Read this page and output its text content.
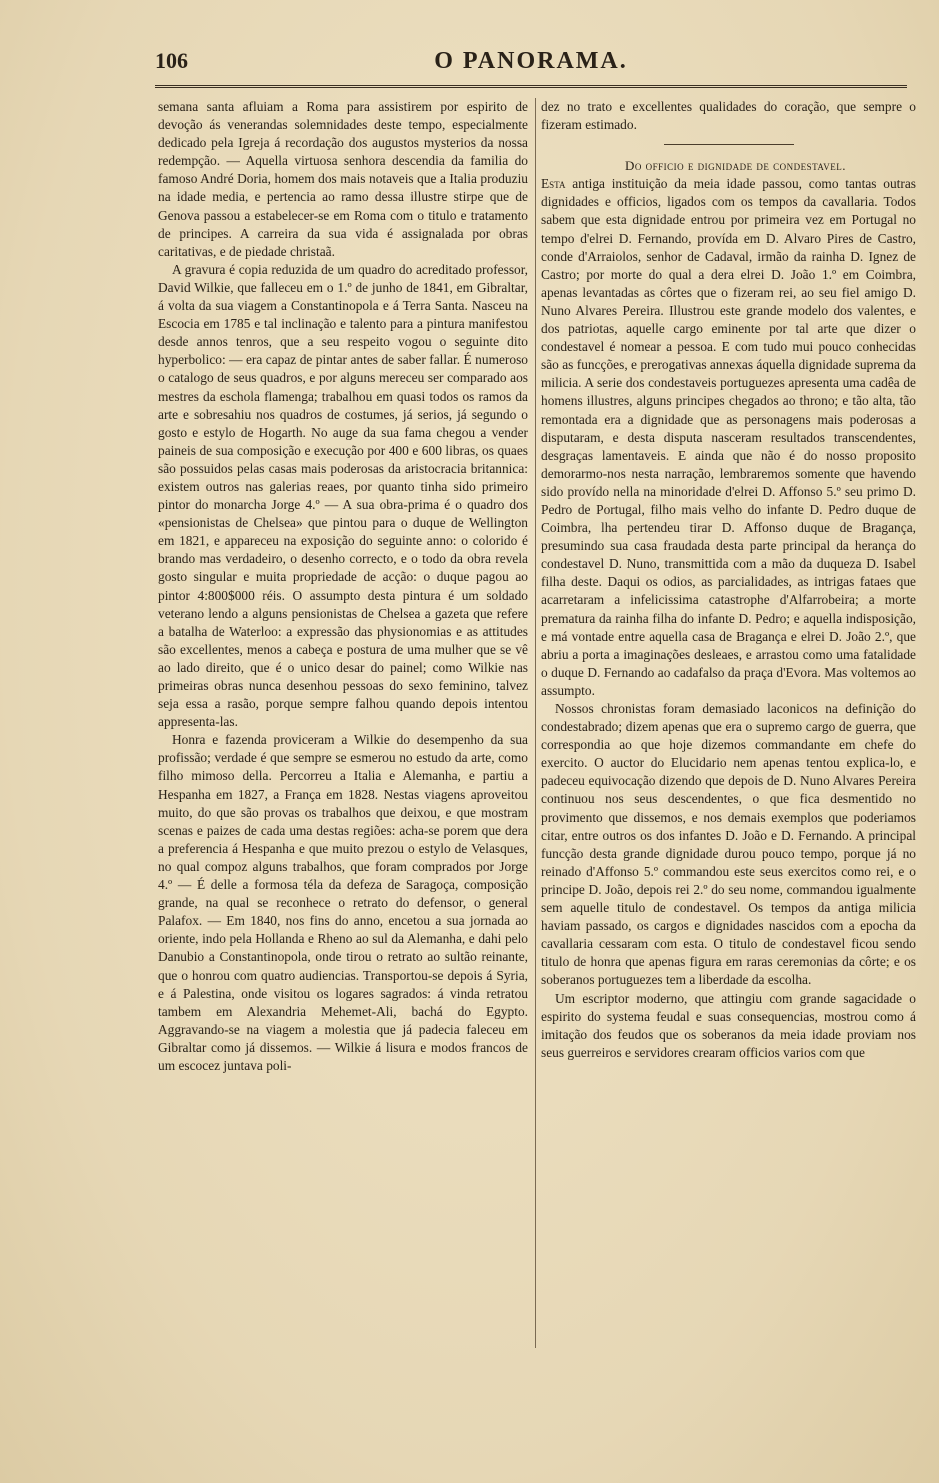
106	O PANORAMA.

semana santa afluiam a Roma para assistirem por espirito de devoção ás venerandas solemnidades deste tempo, especialmente dedicado pela Igreja á recordação dos augustos mysterios da nossa redempção. — Aquella virtuosa senhora descendia da familia do famoso André Doria, homem dos mais notaveis que a Italia produziu na idade media, e pertencia ao ramo dessa illustre stirpe que de Genova passou a estabelecer-se em Roma com o titulo e tratamento de principes. A carreira da sua vida é assignalada por obras caritativas, e de piedade christaã.

A gravura é copia reduzida de um quadro do acreditado professor, David Wilkie, que falleceu em o 1.º de junho de 1841, em Gibraltar, á volta da sua viagem a Constantinopola e á Terra Santa. Nasceu na Escocia em 1785 e tal inclinação e talento para a pintura manifestou desde annos tenros, que a seu respeito vogou o seguinte dito hyperbolico: — era capaz de pintar antes de saber fallar. É numeroso o catalogo de seus quadros, e por alguns mereceu ser comparado aos mestres da eschola flamenga; trabalhou em quasi todos os ramos da arte e sobresahiu nos quadros de costumes, já serios, já segundo o gosto e estylo de Hogarth. No auge da sua fama chegou a vender paineis de sua composição e execução por 400 e 600 libras, os quaes são possuidos pelas casas mais poderosas da aristocracia britannica: existem outros nas galerias reaes, por quanto tinha sido primeiro pintor do monarcha Jorge 4.º — A sua obra-prima é o quadro dos «pensionistas de Chelsea» que pintou para o duque de Wellington em 1821, e appareceu na exposição do seguinte anno: o colorido é brando mas verdadeiro, o desenho correcto, e o todo da obra revela gosto singular e muita propriedade de acção: o duque pagou ao pintor 4:800$000 réis. O assumpto desta pintura é um soldado veterano lendo a alguns pensionistas de Chelsea a gazeta que refere a batalha de Waterloo: a expressão das physionomias e as attitudes são excellentes, menos a cabeça e postura de uma mulher que se vê ao lado direito, que é o unico desar do painel; como Wilkie nas primeiras obras nunca desenhou pessoas do sexo feminino, talvez seja essa a rasão, porque sempre falhou quando depois intentou appresenta-las.

Honra e fazenda proviceram a Wilkie do desempenho da sua profissão; verdade é que sempre se esmerou no estudo da arte, como filho mimoso della. Percorreu a Italia e Alemanha, e partiu a Hespanha em 1827, a França em 1828. Nestas viagens aproveitou muito, do que são provas os trabalhos que deixou, e que mostram scenas e paizes de cada uma destas regiões: acha-se porem que dera a preferencia á Hespanha e que muito prezou o estylo de Velasques, no qual compoz alguns trabalhos, que foram comprados por Jorge 4.º — É delle a formosa téla da defeza de Saragoça, composição grande, na qual se reconhece o retrato do defensor, o general Palafox. — Em 1840, nos fins do anno, encetou a sua jornada ao oriente, indo pela Hollanda e Rheno ao sul da Alemanha, e dahi pelo Danubio a Constantinopola, onde tirou o retrato ao sultão reinante, que o honrou com quatro audiencias. Transportou-se depois á Syria, e á Palestina, onde visitou os logares sagrados: á vinda retratou tambem em Alexandria Mehemet-Ali, bachá do Egypto. Aggravando-se na viagem a molestia que já padecia faleceu em Gibraltar como já dissemos. — Wilkie á lisura e modos francos de um escocez juntava poli-

dez no trato e excellentes qualidades do coração, que sempre o fizeram estimado.

Do officio e dignidade de condestavel.

Esta antiga instituição da meia idade passou, como tantas outras dignidades e officios, ligados com os tempos da cavallaria. Todos sabem que esta dignidade entrou por primeira vez em Portugal no tempo d'elrei D. Fernando, provída em D. Alvaro Pires de Castro, conde d'Arraiolos, senhor de Cadaval, irmão da rainha D. Ignez de Castro; por morte do qual a dera elrei D. João 1.º em Coimbra, apenas levantadas as côrtes que o fizeram rei, ao seu fiel amigo D. Nuno Alvares Pereira. Illustrou este grande modelo dos valentes, e dos patriotas, aquelle cargo eminente por tal arte que dizer o condestavel é nomear a pessoa. E com tudo mui pouco conhecidas são as funcções, e prerogativas annexas áquella dignidade suprema da milicia. A serie dos condestaveis portuguezes apresenta uma cadêa de homens illustres, alguns principes chegados ao throno; e tão alta, tão remontada era a dignidade que as personagens mais poderosas a disputaram, e desta disputa nasceram resultados transcendentes, desgraças lamentaveis. E ainda que não é do nosso proposito demorarmo-nos nesta narração, lembraremos somente que havendo sido provído nella na minoridade d'elrei D. Affonso 5.º seu primo D. Pedro de Portugal, filho mais velho do infante D. Pedro duque de Coimbra, lha pertendeu tirar D. Affonso duque de Bragança, presumindo sua casa fraudada desta parte principal da herança do condestavel D. Nuno, transmittida com a mão da duqueza D. Isabel filha deste. Daqui os odios, as parcialidades, as intrigas fataes que acarretaram a infelicissima catastrophe d'Alfarrobeira; a morte prematura da rainha filha do infante D. Pedro; e aquella indisposição, e má vontade entre aquella casa de Bragança e elrei D. João 2.º, que abriu a porta a imaginações desleaes, e arrastou como uma fatalidade o duque D. Fernando ao cadafalso da praça d'Evora. Mas voltemos ao assumpto.

Nossos chronistas foram demasiado laconicos na definição do condestabrado; dizem apenas que era o supremo cargo de guerra, que correspondia ao que hoje dizemos commandante em chefe do exercito. O auctor do Elucidario nem apenas tentou explica-lo, e padeceu equivocação dizendo que depois de D. Nuno Alvares Pereira continuou nos seus descendentes, o que fica desmentido no provimento que dissemos, e nos demais exemplos que poderiamos citar, entre outros os dos infantes D. João e D. Fernando. A principal funcção desta grande dignidade durou pouco tempo, porque já no reinado d'Affonso 5.º commandou este seus exercitos como rei, e o principe D. João, depois rei 2.º do seu nome, commandou igualmente sem aquelle titulo de condestavel. Os tempos da antiga milicia haviam passado, os cargos e dignidades nascidos com a epocha da cavallaria cessaram com esta. O titulo de condestavel ficou sendo titulo de honra que apenas figura em raras ceremonias da côrte; e os soberanos portuguezes tem a liberdade da escolha.

Um escriptor moderno, que attingiu com grande sagacidade o espirito do systema feudal e suas consequencias, mostrou como á imitação dos feudos que os soberanos da meia idade proviam nos seus guerreiros e servidores crearam officios varios com que
